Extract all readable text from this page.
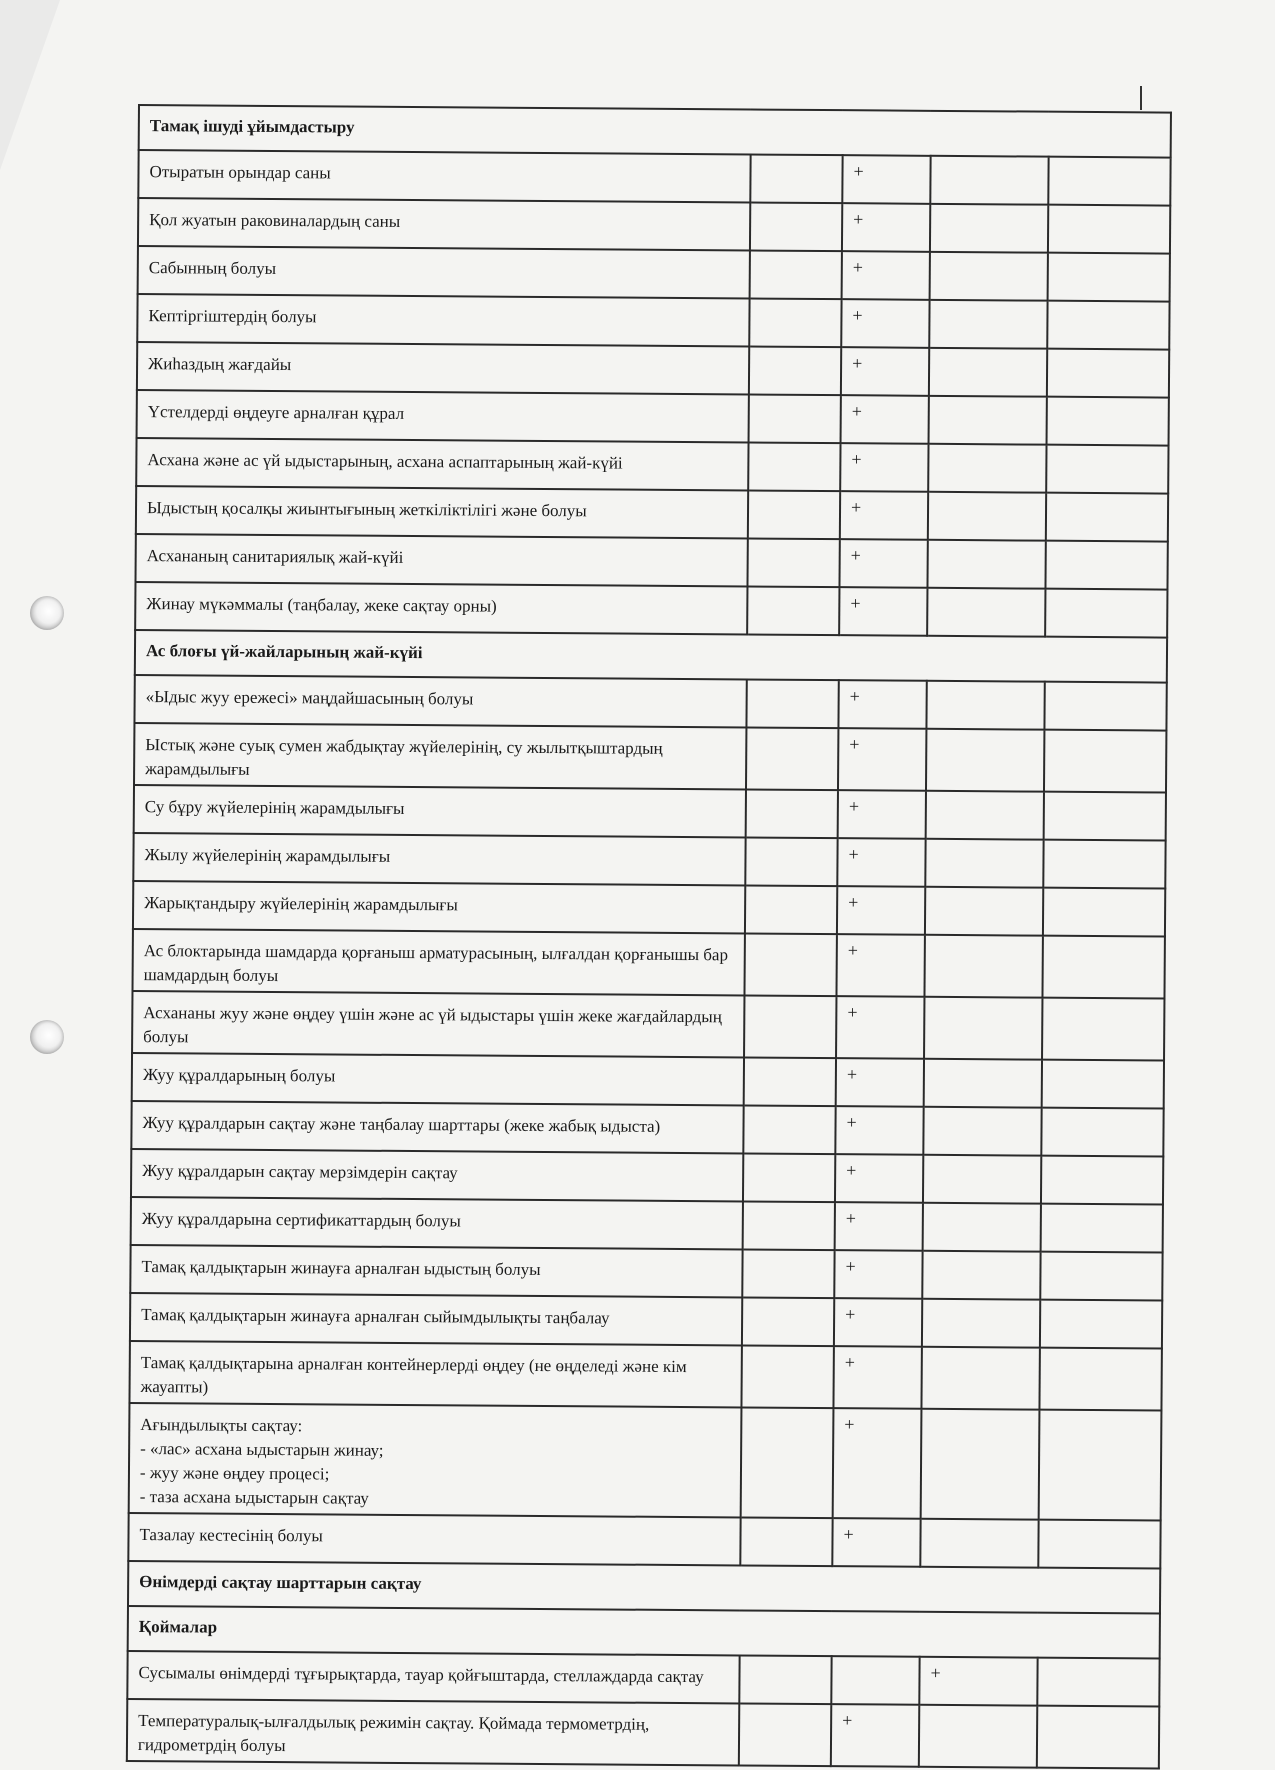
Тамақ ішуді ұйымдастыру				
Отыратын орындар саны		+		
Қол жуатын раковиналардың саны		+		
Сабынның болуы		+		
Кептіргіштердің болуы		+		
Жиһаздың жағдайы		+		
Үстелдерді өңдеуге арналған құрал		+		
Асхана және ас үй ыдыстарының, асхана аспаптарының жай-күйі		+		
Ыдыстың қосалқы жиынтығының жеткіліктілігі және болуы		+		
Асхананың санитариялық жай-күйі		+		
Жинау мүкәммалы (таңбалау, жеке сақтау орны)		+		
Ас блоғы үй-жайларының жай-күйі				
«Ыдыс жуу ережесі» маңдайшасының болуы		+		
Ыстық және суық сумен жабдықтау жүйелерінің, су жылытқыштардың жарамдылығы		+		
Су бұру жүйелерінің жарамдылығы		+		
Жылу жүйелерінің жарамдылығы		+		
Жарықтандыру жүйелерінің жарамдылығы		+		
Ас блоктарында шамдарда қорғаныш арматурасының, ылғалдан қорғанышы бар шамдардың болуы		+		
Асхананы жуу және өңдеу үшін және ас үй ыдыстары үшін жеке жағдайлардың болуы		+		
Жуу құралдарының болуы		+		
Жуу құралдарын сақтау және таңбалау шарттары (жеке жабық ыдыста)		+		
Жуу құралдарын сақтау мерзімдерін сақтау		+		
Жуу құралдарына сертификаттардың болуы		+		
Тамақ қалдықтарын жинауға арналған ыдыстың болуы		+		
Тамақ қалдықтарын жинауға арналған сыйымдылықты таңбалау		+		
Тамақ қалдықтарына арналған контейнерлерді өңдеу (не өңделеді және кім жауапты)		+		
Ағындылықты сақтау:
- «лас» асхана ыдыстарын жинау;
- жуу және өңдеу процесі;
- таза асхана ыдыстарын сақтау		+		
Тазалау кестесінің болуы		+		
Өнімдерді сақтау шарттарын сақтау				
Қоймалар				
Сусымалы өнімдерді тұғырықтарда, тауар қойғыштарда, стеллаждарда сақтау			+	
Температуралық-ылғалдылық режимін сақтау. Қоймада термометрдің, гидрометрдің болуы		+		
